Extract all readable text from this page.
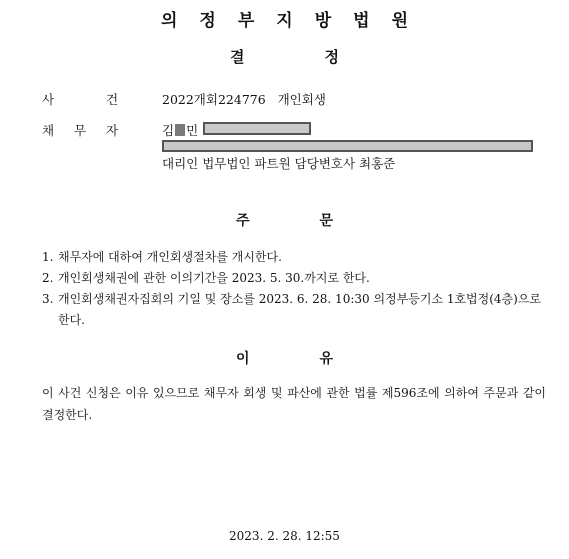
의 정 부 지 방 법 원
결	정
사	건	2022개회224776 개인회생
채 무 자	김 민
대리인 법무법인 파트원 담당변호사 최홍준
주	문
1. 채무자에 대하여 개인회생절차를 개시한다.
2. 개인회생채권에 관한 이의기간을 2023. 5. 30.까지로 한다.
3. 개인회생채권자집회의 기일 및 장소를 2023. 6. 28. 10:30 의정부등기소 1호법정(4층)으로 한다.
이	유
이 사건 신청은 이유 있으므로 채무자 회생 및 파산에 관한 법률 제596조에 의하여 주문과 같이 결정한다.
2023. 2. 28. 12:55
